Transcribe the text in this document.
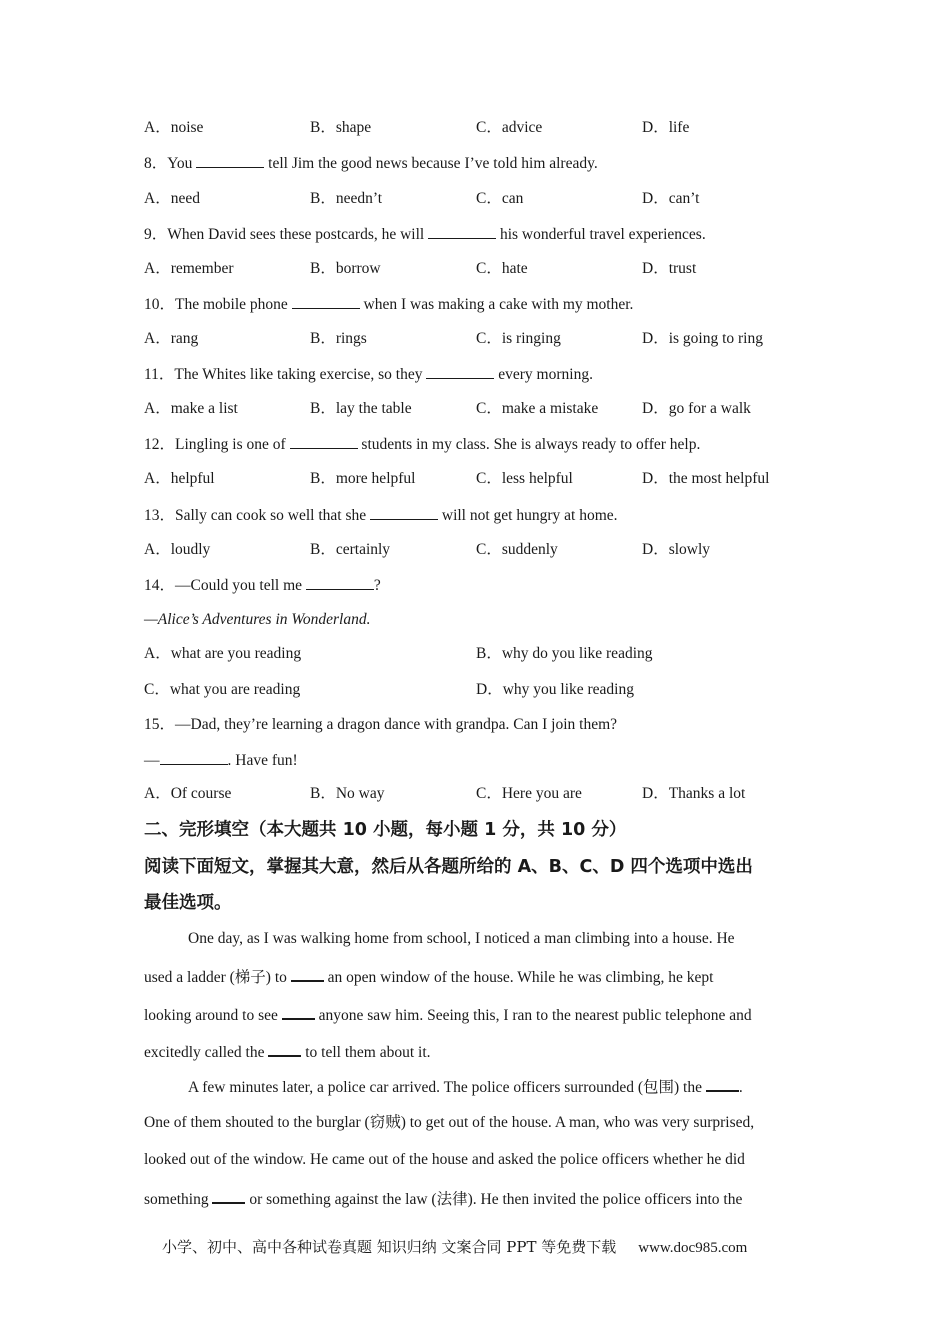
A．noise	B．shape	C．advice	D．life
8．You	tell Jim the good news because I’ve told him already.
A．need	B．needn’t	C．can	D．can’t
9．When David sees these postcards, he will	his wonderful travel experiences.
A．remember	B．borrow	C．hate	D．trust
10．The mobile phone	when I was making a cake with my mother.
A．rang	B．rings	C．is ringing	D．is going to ring
11．The Whites like taking exercise, so they	every morning.
A．make a list	B．lay the table	C．make a mistake	D．go for a walk
12．Lingling is one of	students in my class. She is always ready to offer help.
A．helpful	B．more helpful	C．less helpful	D．the most helpful
13．Sally can cook so well that she	will not get hungry at home.
A．loudly	B．certainly	C．suddenly	D．slowly
14．—Could you tell me	?
—Alice’s Adventures in Wonderland.
A．what are you reading	B．why do you like reading
C．what you are reading	D．why you like reading
15．—Dad, they’re learning a dragon dance with grandpa. Can I join them?
—	. Have fun!
A．Of course	B．No way	C．Here you are	D．Thanks a lot
二、完形填空（本大题共 10 小题，每小题 1 分，共 10 分）
阅读下面短文，掌握其大意，然后从各题所给的 A、B、C、D 四个选项中选出
最佳选项。
One day, as I was walking home from school, I noticed a man climbing into a house. He
used a ladder (梯子) to  an open window of the house. While he was climbing, he kept
looking around to see  anyone saw him. Seeing this, I ran to the nearest public telephone and
excitedly called the  to tell them about it.
A few minutes later, a police car arrived. The police officers surrounded (包围) the .
One of them shouted to the burglar (窃贼) to get out of the house. A man, who was very surprised,
looked out of the window. He came out of the house and asked the police officers whether he did
something  or something against the law (法律). He then invited the police officers into the
小学、初中、高中各种试卷真题 知识归纳 文案合同 PPT 等免费下载 www.doc985.com
